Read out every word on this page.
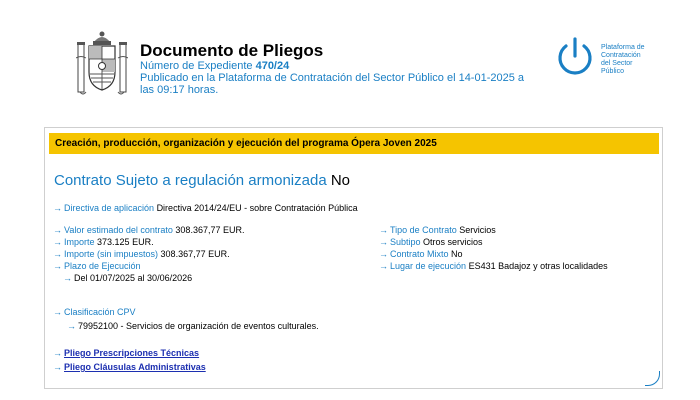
Documento de Pliegos
Número de Expediente 470/24
Publicado en la Plataforma de Contratación del Sector Público el 14-01-2025 a
las 09:17 horas.
Plataforma de
Contratación
del Sector
Público
Creación, producción, organización y ejecución del programa Ópera Joven 2025
Contrato Sujeto a regulación armonizada No
→ Directiva de aplicación Directiva 2014/24/EU - sobre Contratación Pública
→ Valor estimado del contrato 308.367,77 EUR.
→ Importe 373.125 EUR.
→ Importe (sin impuestos) 308.367,77 EUR.
→ Plazo de Ejecución
→ Del 01/07/2025 al 30/06/2026
→ Tipo de Contrato Servicios
→ Subtipo Otros servicios
→ Contrato Mixto No
→ Lugar de ejecución ES431 Badajoz y otras localidades
→ Clasificación CPV
→ 79952100 - Servicios de organización de eventos culturales.
→ Pliego Prescripciones Técnicas
→ Pliego Cláusulas Administrativas
